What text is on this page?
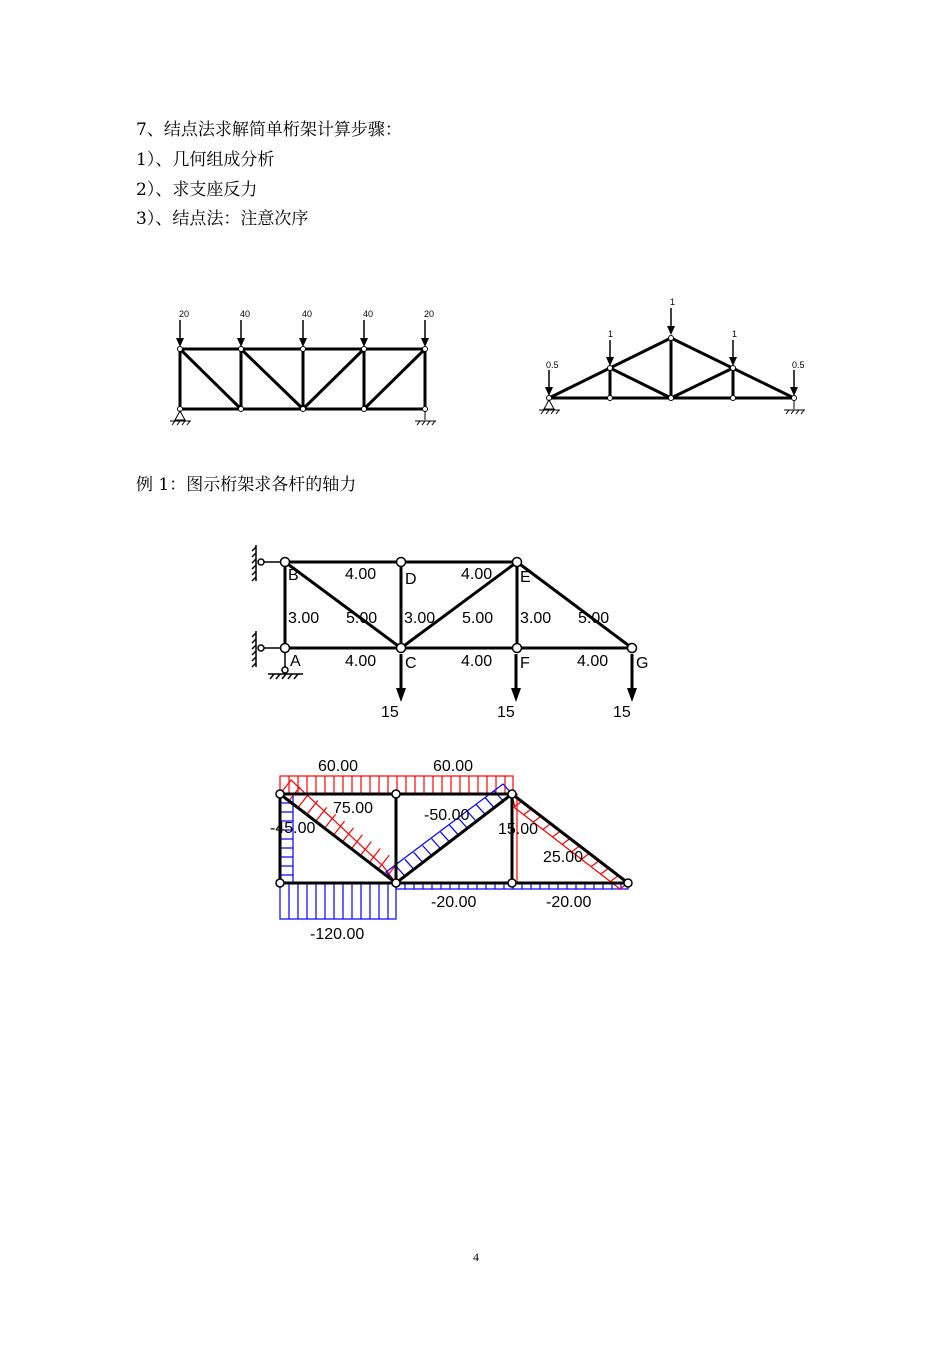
7、结点法求解简单桁架计算步骤：
1）、几何组成分析
2）、求支座反力
3）、结点法：注意次序
例 1：图示桁架求各杆的轴力
20	40	40	40	20
0.5
1
1
1
0.5
B	D	E
A	C	F	G
4.00	4.00
3.00 5.00 3.00 5.00 3.00 5.00
4.00	4.00	4.00
15	15	15
60.00	60.00
75.00
-45.00
-50.00
15.00
25.00
-20.00	-20.00
-120.00
4
